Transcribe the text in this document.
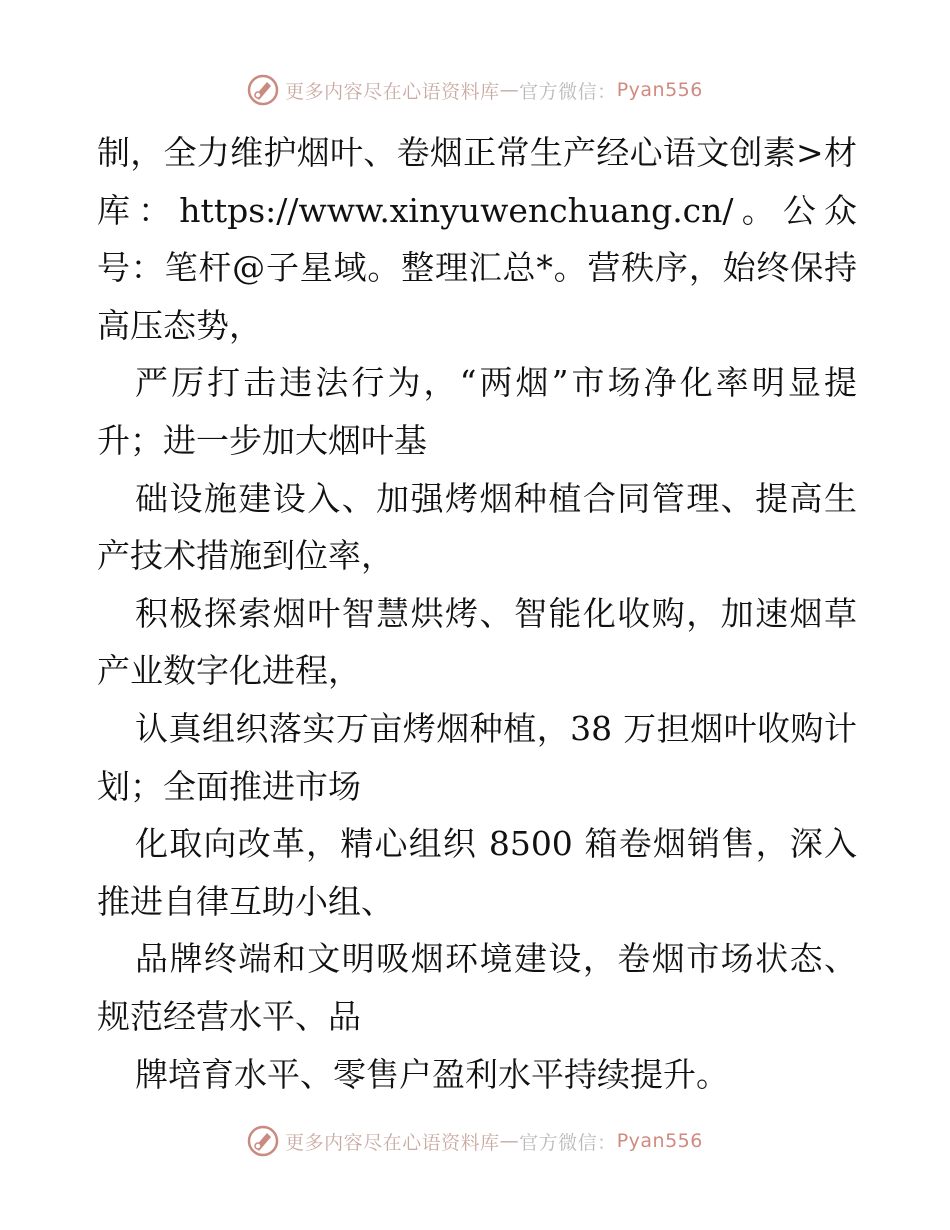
更多内容尽在心语资料库 — 官方微信： Pyan556

制，全力维护烟叶、卷烟正常生产经心语文创素>材库：https://www.xinyuwenchuang.cn/。公众号：笔杆@子星域。整理汇总*。营秩序，始终保持高压态势，

严厉打击违法行为，“两烟”市场净化率明显提升；进一步加大烟叶基

础设施建设入、加强烤烟种植合同管理、提高生产技术措施到位率，

积极探索烟叶智慧烘烤、智能化收购，加速烟草产业数字化进程，

认真组织落实万亩烤烟种植，38 万担烟叶收购计划；全面推进市场

化取向改革，精心组织 8500 箱卷烟销售，深入推进自律互助小组、

品牌终端和文明吸烟环境建设，卷烟市场状态、规范经营水平、品

牌培育水平、零售户盈利水平持续提升。

更多内容尽在心语资料库 — 官方微信： Pyan556
